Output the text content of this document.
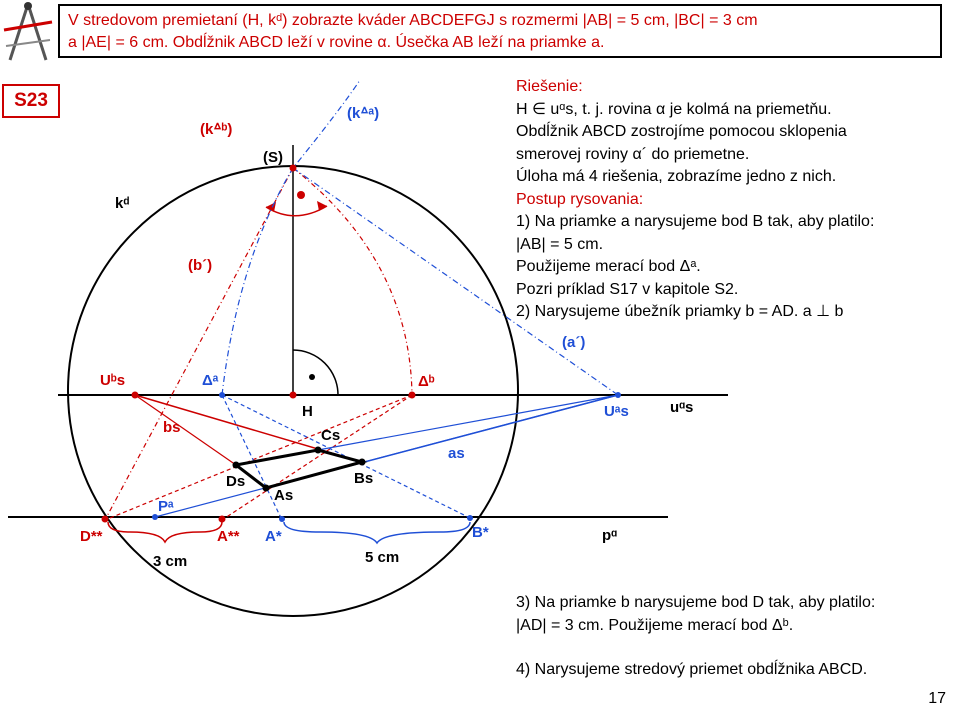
V stredovom premietaní (H, kᵈ) zobrazte kváder ABCDEFGJ s rozmermi |AB| = 5 cm, |BC| = 3 cm
a |AE| = 6 cm. Obdĺžnik ABCD leží v rovine α. Úsečka AB leží na priamke a.
S23
(S)
kᵈ
(kᐞᵇ)
(kᐞᵃ)
(b´)
(a´)
Uᵇs	Δᵃ	Δᵇ
H	Uᵃs	uᵅs
bs
as
Cs
Ds	Bs
As
Pᵃ
D**	A** A*	B*	pᵅ
3 cm	5 cm
Riešenie:
H ∈ uᵅs, t. j. rovina α je kolmá na priemetňu.
Obdĺžnik ABCD zostrojíme pomocou sklopenia
smerovej roviny α´ do priemetne.
Úloha má 4 riešenia, zobrazíme jedno z nich.
Postup rysovania:
1) Na priamke a narysujeme bod B tak, aby platilo:
|AB| = 5 cm.
Použijeme merací bod Δᵃ.
Pozri príklad S17 v kapitole S2.
2) Narysujeme úbežník priamky b = AD. a ⊥ b

3) Na priamke b narysujeme bod D tak, aby platilo:

|AD| = 3 cm. Použijeme merací bod Δᵇ.

4) Narysujeme stredový priemet obdĺžnika ABCD.

17
